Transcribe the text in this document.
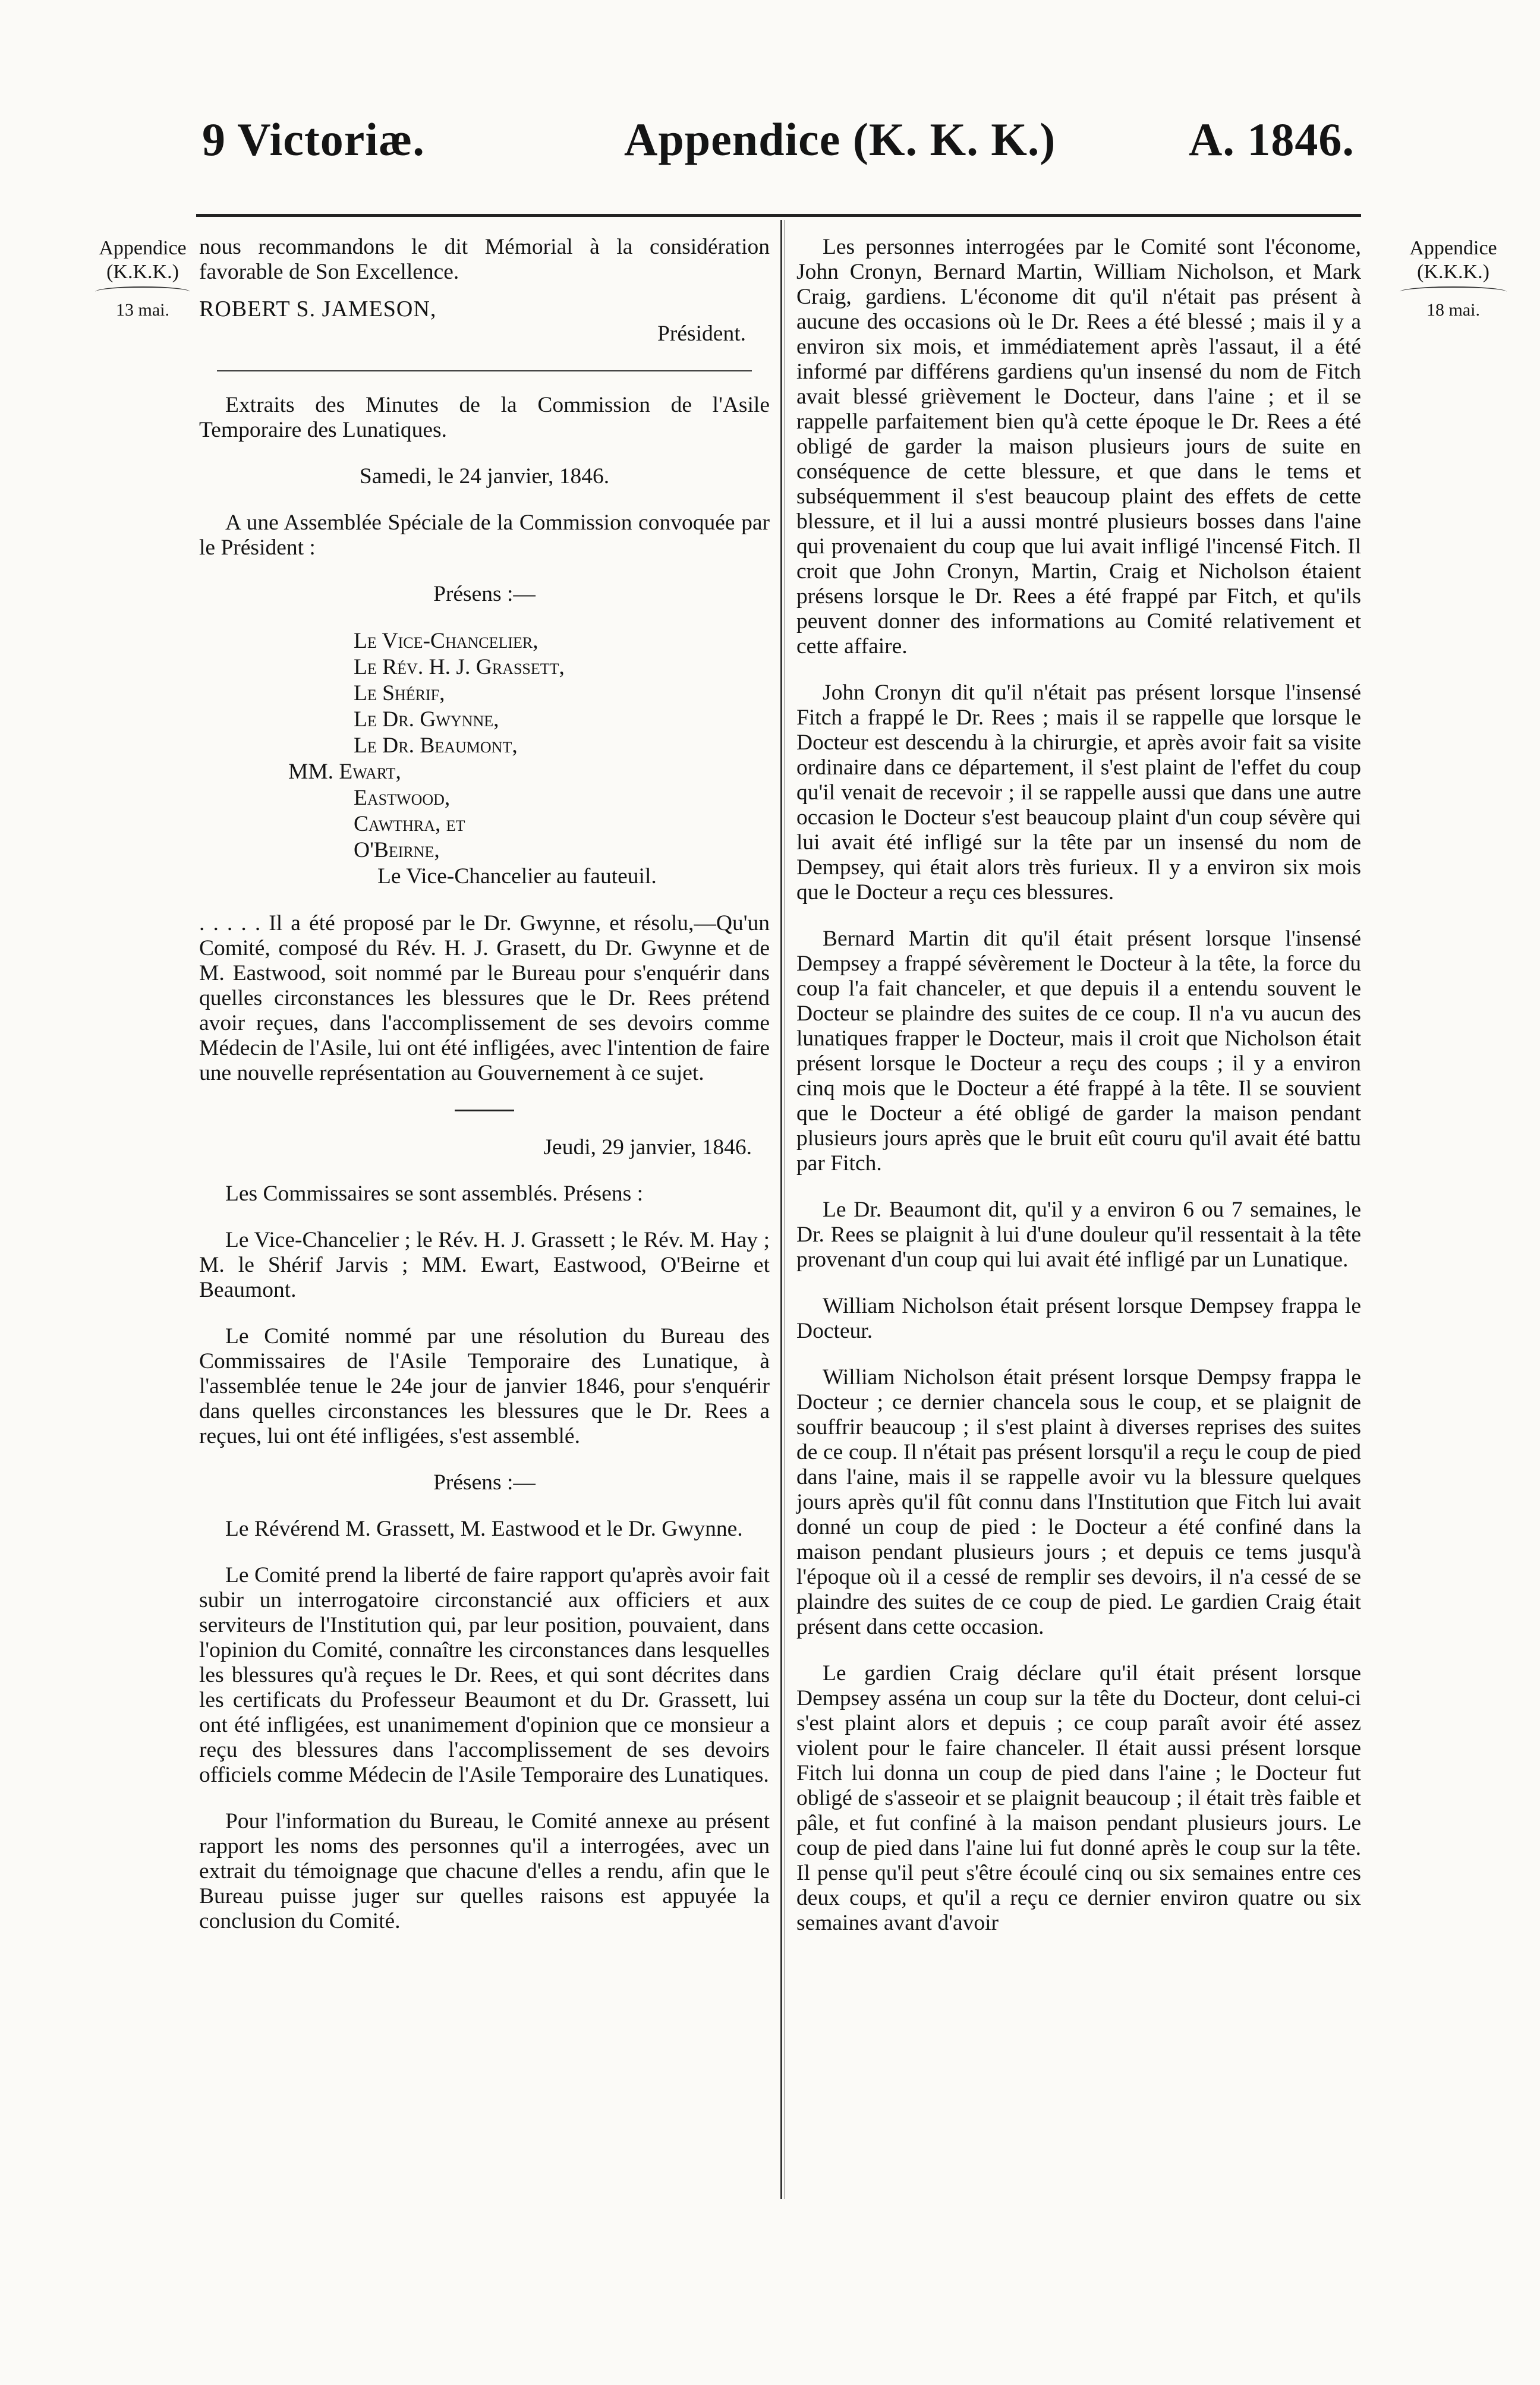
9 Victoriæ.	Appendice (K. K. K.)	A. 1846.
Appendice
(K.K.K.)
13 mai.
Appendice
(K.K.K.)
18 mai.

nous recommandons le dit Mémorial à la considération favorable de Son Excellence.

ROBERT S. JAMESON,

Président.

Extraits des Minutes de la Commission de l'Asile Temporaire des Lunatiques.

Samedi, le 24 janvier, 1846.

A une Assemblée Spéciale de la Commission convoquée par le Président :

Présens :—

Le Vice-Chancelier,
Le Rév. H. J. Grassett,
Le Shérif,
Le Dr. Gwynne,
Le Dr. Beaumont,
MM. Ewart,
Eastwood,
Cawthra, et
O'Beirne,
Le Vice-Chancelier au fauteuil.

. . . . . Il a été proposé par le Dr. Gwynne, et résolu,—Qu'un Comité, composé du Rév. H. J. Grasett, du Dr. Gwynne et de M. Eastwood, soit nommé par le Bureau pour s'enquérir dans quelles circonstances les blessures que le Dr. Rees prétend avoir reçues, dans l'accomplissement de ses devoirs comme Médecin de l'Asile, lui ont été infligées, avec l'intention de faire une nouvelle représentation au Gouvernement à ce sujet.

Jeudi, 29 janvier, 1846.

Les Commissaires se sont assemblés. Présens :

Le Vice-Chancelier ; le Rév. H. J. Grassett ; le Rév. M. Hay ; M. le Shérif Jarvis ; MM. Ewart, Eastwood, O'Beirne et Beaumont.

Le Comité nommé par une résolution du Bureau des Commissaires de l'Asile Temporaire des Lunatique, à l'assemblée tenue le 24e jour de janvier 1846, pour s'enquérir dans quelles circonstances les blessures que le Dr. Rees a reçues, lui ont été infligées, s'est assemblé.

Présens :—

Le Révérend M. Grassett, M. Eastwood et le Dr. Gwynne.

Le Comité prend la liberté de faire rapport qu'après avoir fait subir un interrogatoire circonstancié aux officiers et aux serviteurs de l'Institution qui, par leur position, pouvaient, dans l'opinion du Comité, connaître les circonstances dans lesquelles les blessures qu'à reçues le Dr. Rees, et qui sont décrites dans les certificats du Professeur Beaumont et du Dr. Grassett, lui ont été infligées, est unanimement d'opinion que ce monsieur a reçu des blessures dans l'accomplissement de ses devoirs officiels comme Médecin de l'Asile Temporaire des Lunatiques.

Pour l'information du Bureau, le Comité annexe au présent rapport les noms des personnes qu'il a interrogées, avec un extrait du témoignage que chacune d'elles a rendu, afin que le Bureau puisse juger sur quelles raisons est appuyée la conclusion du Comité.

Les personnes interrogées par le Comité sont l'économe, John Cronyn, Bernard Martin, William Nicholson, et Mark Craig, gardiens. L'économe dit qu'il n'était pas présent à aucune des occasions où le Dr. Rees a été blessé ; mais il y a environ six mois, et immédiatement après l'assaut, il a été informé par différens gardiens qu'un insensé du nom de Fitch avait blessé grièvement le Docteur, dans l'aine ; et il se rappelle parfaitement bien qu'à cette époque le Dr. Rees a été obligé de garder la maison plusieurs jours de suite en conséquence de cette blessure, et que dans le tems et subséquemment il s'est beaucoup plaint des effets de cette blessure, et il lui a aussi montré plusieurs bosses dans l'aine qui provenaient du coup que lui avait infligé l'incensé Fitch. Il croit que John Cronyn, Martin, Craig et Nicholson étaient présens lorsque le Dr. Rees a été frappé par Fitch, et qu'ils peuvent donner des informations au Comité relativement et cette affaire.

John Cronyn dit qu'il n'était pas présent lorsque l'insensé Fitch a frappé le Dr. Rees ; mais il se rappelle que lorsque le Docteur est descendu à la chirurgie, et après avoir fait sa visite ordinaire dans ce département, il s'est plaint de l'effet du coup qu'il venait de recevoir ; il se rappelle aussi que dans une autre occasion le Docteur s'est beaucoup plaint d'un coup sévère qui lui avait été infligé sur la tête par un insensé du nom de Dempsey, qui était alors très furieux. Il y a environ six mois que le Docteur a reçu ces blessures.

Bernard Martin dit qu'il était présent lorsque l'insensé Dempsey a frappé sévèrement le Docteur à la tête, la force du coup l'a fait chanceler, et que depuis il a entendu souvent le Docteur se plaindre des suites de ce coup. Il n'a vu aucun des lunatiques frapper le Docteur, mais il croit que Nicholson était présent lorsque le Docteur a reçu des coups ; il y a environ cinq mois que le Docteur a été frappé à la tête. Il se souvient que le Docteur a été obligé de garder la maison pendant plusieurs jours après que le bruit eût couru qu'il avait été battu par Fitch.

Le Dr. Beaumont dit, qu'il y a environ 6 ou 7 semaines, le Dr. Rees se plaignit à lui d'une douleur qu'il ressentait à la tête provenant d'un coup qui lui avait été infligé par un Lunatique.

William Nicholson était présent lorsque Dempsey frappa le Docteur.

William Nicholson était présent lorsque Dempsy frappa le Docteur ; ce dernier chancela sous le coup, et se plaignit de souffrir beaucoup ; il s'est plaint à diverses reprises des suites de ce coup. Il n'était pas présent lorsqu'il a reçu le coup de pied dans l'aine, mais il se rappelle avoir vu la blessure quelques jours après qu'il fût connu dans l'Institution que Fitch lui avait donné un coup de pied : le Docteur a été confiné dans la maison pendant plusieurs jours ; et depuis ce tems jusqu'à l'époque où il a cessé de remplir ses devoirs, il n'a cessé de se plaindre des suites de ce coup de pied. Le gardien Craig était présent dans cette occasion.

Le gardien Craig déclare qu'il était présent lorsque Dempsey asséna un coup sur la tête du Docteur, dont celui-ci s'est plaint alors et depuis ; ce coup paraît avoir été assez violent pour le faire chanceler. Il était aussi présent lorsque Fitch lui donna un coup de pied dans l'aine ; le Docteur fut obligé de s'asseoir et se plaignit beaucoup ; il était très faible et pâle, et fut confiné à la maison pendant plusieurs jours. Le coup de pied dans l'aine lui fut donné après le coup sur la tête. Il pense qu'il peut s'être écoulé cinq ou six semaines entre ces deux coups, et qu'il a reçu ce dernier environ quatre ou six semaines avant d'avoir
